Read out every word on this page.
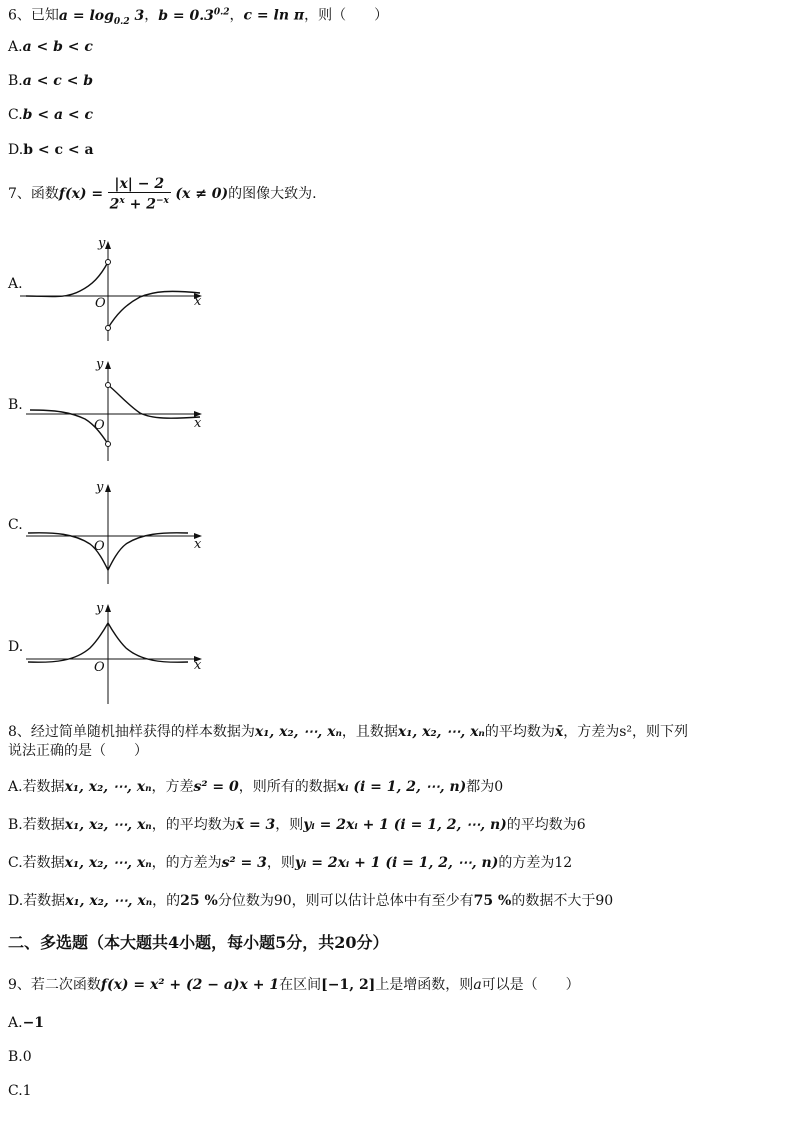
6、已知$a = \log_{0.2} 3$，$b = 0.3^{0.2}$，c = ln π，则（　　）
A.a < b < c
B.a < c < b
C.b < a < c
D.b < c < a
7、函数$f(x) = \frac{|x| - 2}{2^x + 2^{-x}} (x \ne 0)$的图像大致为.
A.
y
x
O
B.
y
x
O
C.
y
x
O
D.
y
x
O
8、经过简单随机抽样获得的样本数据为x₁, x₂, ⋯, xₙ，且数据x₁, x₂, ⋯, xₙ的平均数为x̄，方差为s²，则下列
说法正确的是（　　）
A.若数据x₁, x₂, ⋯, xₙ，方差s² = 0，则所有的数据xᵢ (i = 1, 2, ⋯, n)都为0
B.若数据x₁, x₂, ⋯, xₙ，的平均数为x̄ = 3，则yᵢ = 2xᵢ + 1 (i = 1, 2, ⋯, n)的平均数为6
C.若数据x₁, x₂, ⋯, xₙ，的方差为s² = 3，则yᵢ = 2xᵢ + 1 (i = 1, 2, ⋯, n)的方差为12
D.若数据x₁, x₂, ⋯, xₙ，的25 %分位数为90，则可以估计总体中有至少有75 %的数据不大于90
二、多选题（本大题共4小题，每小题5分，共20分）
9、若二次函数f(x) = x² + (2 − a)x + 1在区间[−1, 2]上是增函数，则a可以是（　　）
A.−1
B.0
C.1
